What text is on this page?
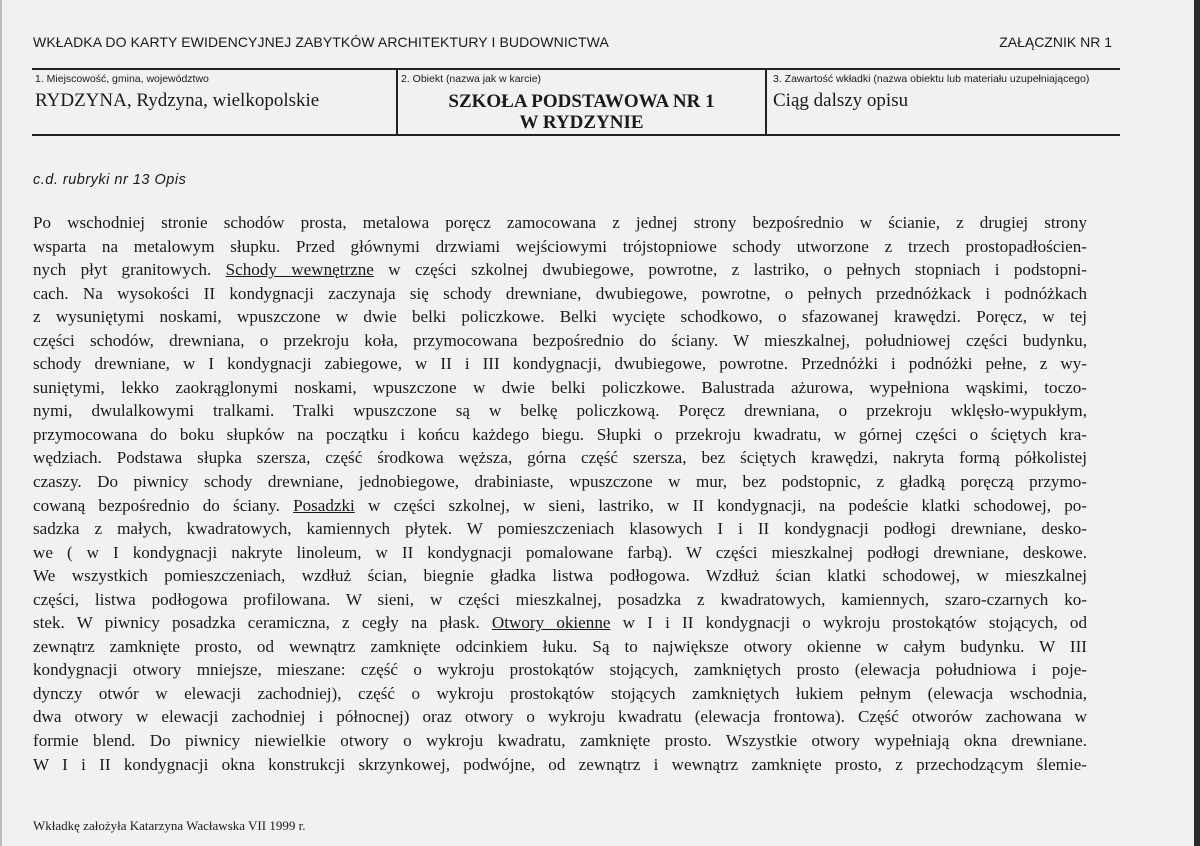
WKŁADKA DO KARTY EWIDENCYJNEJ ZABYTKÓW ARCHITEKTURY I BUDOWNICTWA	ZAŁĄCZNIK NR 1
1. Miejscowość, gmina, województwo
RYDZYNA, Rydzyna, wielkopolskie
2. Obiekt (nazwa jak w karcie)
SZKOŁA PODSTAWOWA NR 1
W RYDZYNIE
3. Zawartość wkładki (nazwa obiektu lub materiału uzupełniającego)
Ciąg dalszy opisu
c.d. rubryki nr 13 Opis
Po wschodniej stronie schodów prosta, metalowa poręcz zamocowana z jednej strony bezpośrednio w ścianie, z drugiej strony
wsparta na metalowym słupku. Przed głównymi drzwiami wejściowymi trójstopniowe schody utworzone z trzech prostopadłościen-
nych płyt granitowych. Schody wewnętrzne w części szkolnej dwubiegowe, powrotne, z lastriko, o pełnych stopniach i podstopni-
cach. Na wysokości II kondygnacji zaczynaja się schody drewniane, dwubiegowe, powrotne, o pełnych przednóżkack i podnóżkach
z wysuniętymi noskami, wpuszczone w dwie belki policzkowe. Belki wycięte schodkowo, o sfazowanej krawędzi. Poręcz, w tej
części schodów, drewniana, o przekroju koła, przymocowana bezpośrednio do ściany. W mieszkalnej, południowej części budynku,
schody drewniane, w I kondygnacji zabiegowe, w II i III kondygnacji, dwubiegowe, powrotne. Przednóżki i podnóżki pełne, z wy-
suniętymi, lekko zaokrąglonymi noskami, wpuszczone w dwie belki policzkowe. Balustrada ażurowa, wypełniona wąskimi, toczo-
nymi, dwulalkowymi tralkami. Tralki wpuszczone są w belkę policzkową. Poręcz drewniana, o przekroju wklęsło-wypukłym,
przymocowana do boku słupków na początku i końcu każdego biegu. Słupki o przekroju kwadratu, w górnej części o ściętych kra-
wędziach. Podstawa słupka szersza, część środkowa węższa, górna część szersza, bez ściętych krawędzi, nakryta formą półkolistej
czaszy. Do piwnicy schody drewniane, jednobiegowe, drabiniaste, wpuszczone w mur, bez podstopnic, z gładką poręczą przymo-
cowaną bezpośrednio do ściany. Posadzki w części szkolnej, w sieni, lastriko, w II kondygnacji, na podeście klatki schodowej, po-
sadzka z małych, kwadratowych, kamiennych płytek. W pomieszczeniach klasowych I i II kondygnacji podłogi drewniane, desko-
we ( w I kondygnacji nakryte linoleum, w II kondygnacji pomalowane farbą). W części mieszkalnej podłogi drewniane, deskowe.
We wszystkich pomieszczeniach, wzdłuż ścian, biegnie gładka listwa podłogowa. Wzdłuż ścian klatki schodowej, w mieszkalnej
części, listwa podłogowa profilowana. W sieni, w części mieszkalnej, posadzka z kwadratowych, kamiennych, szaro-czarnych ko-
stek. W piwnicy posadzka ceramiczna, z cegły na płask. Otwory okienne w I i II kondygnacji o wykroju prostokątów stojących, od
zewnątrz zamknięte prosto, od wewnątrz zamknięte odcinkiem łuku. Są to największe otwory okienne w całym budynku. W III
kondygnacji otwory mniejsze, mieszane: część o wykroju prostokątów stojących, zamkniętych prosto (elewacja południowa i poje-
dynczy otwór w elewacji zachodniej), część o wykroju prostokątów stojących zamkniętych łukiem pełnym (elewacja wschodnia,
dwa otwory w elewacji zachodniej i północnej) oraz otwory o wykroju kwadratu (elewacja frontowa). Część otworów zachowana w
formie blend. Do piwnicy niewielkie otwory o wykroju kwadratu, zamknięte prosto. Wszystkie otwory wypełniają okna drewniane.
W I i II kondygnacji okna konstrukcji skrzynkowej, podwójne, od zewnątrz i wewnątrz zamknięte prosto, z przechodzącym ślemie-
Wkładkę założyła Katarzyna Wacławska VII 1999 r.
